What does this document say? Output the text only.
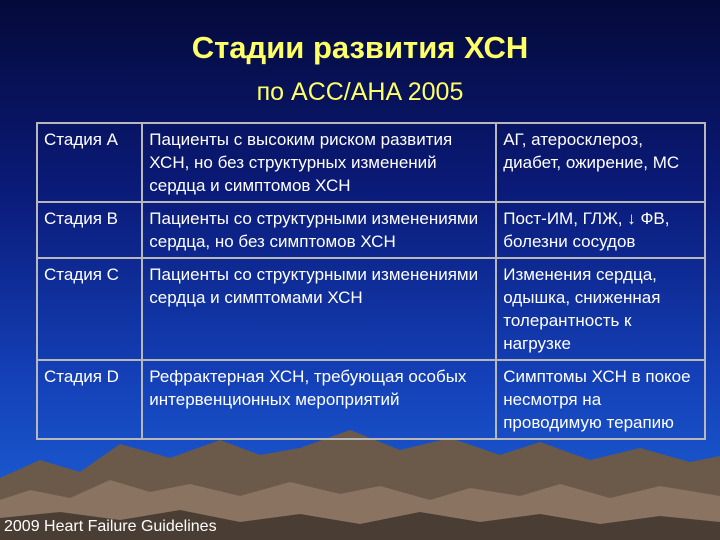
Стадии развития ХСН
по ACC/AHA 2005
Стадия A	Пациенты с высоким риском развития ХСН, но без структурных изменений сердца и симптомов ХСН	АГ, атеросклероз, диабет, ожирение, МС
Стадия B	Пациенты со структурными изменениями сердца, но без симптомов ХСН	Пост-ИМ, ГЛЖ, ↓ ФВ, болезни сосудов
Стадия C	Пациенты со структурными изменениями сердца и симптомами ХСН	Изменения сердца, одышка, сниженная толерантность к нагрузке
Стадия D	Рефрактерная ХСН, требующая особых интервенционных мероприятий	Симптомы ХСН в покое несмотря на проводимую терапию
2009 Heart Failure Guidelines
